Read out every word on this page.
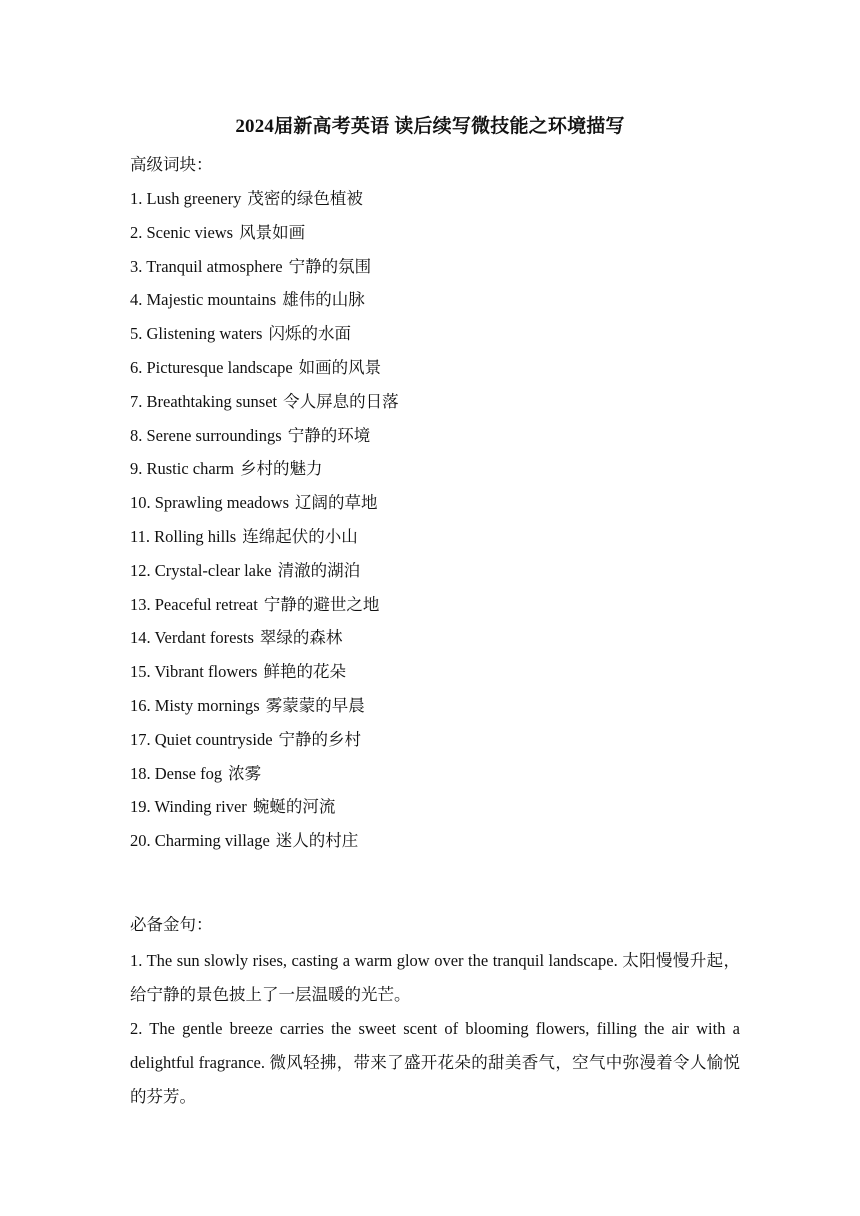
2024届新高考英语 读后续写微技能之环境描写
高级词块：
1. Lush greenery 茂密的绿色植被
2. Scenic views 风景如画
3. Tranquil atmosphere 宁静的氛围
4. Majestic mountains 雄伟的山脉
5. Glistening waters 闪烁的水面
6. Picturesque landscape 如画的风景
7. Breathtaking sunset 令人屏息的日落
8. Serene surroundings 宁静的环境
9. Rustic charm 乡村的魅力
10. Sprawling meadows 辽阔的草地
11. Rolling hills 连绵起伏的小山
12. Crystal-clear lake 清澈的湖泊
13. Peaceful retreat 宁静的避世之地
14. Verdant forests 翠绿的森林
15. Vibrant flowers 鲜艳的花朵
16. Misty mornings 雾蒙蒙的早晨
17. Quiet countryside 宁静的乡村
18. Dense fog 浓雾
19. Winding river 蜿蜒的河流
20. Charming village 迷人的村庄
必备金句：
1. The sun slowly rises, casting a warm glow over the tranquil landscape. 太阳慢慢升起，给宁静的景色披上了一层温暖的光芒。
2. The gentle breeze carries the sweet scent of blooming flowers, filling the air with a delightful fragrance. 微风轻拂，带来了盛开花朵的甜美香气，空气中弥漫着令人愉悦的芬芳。
